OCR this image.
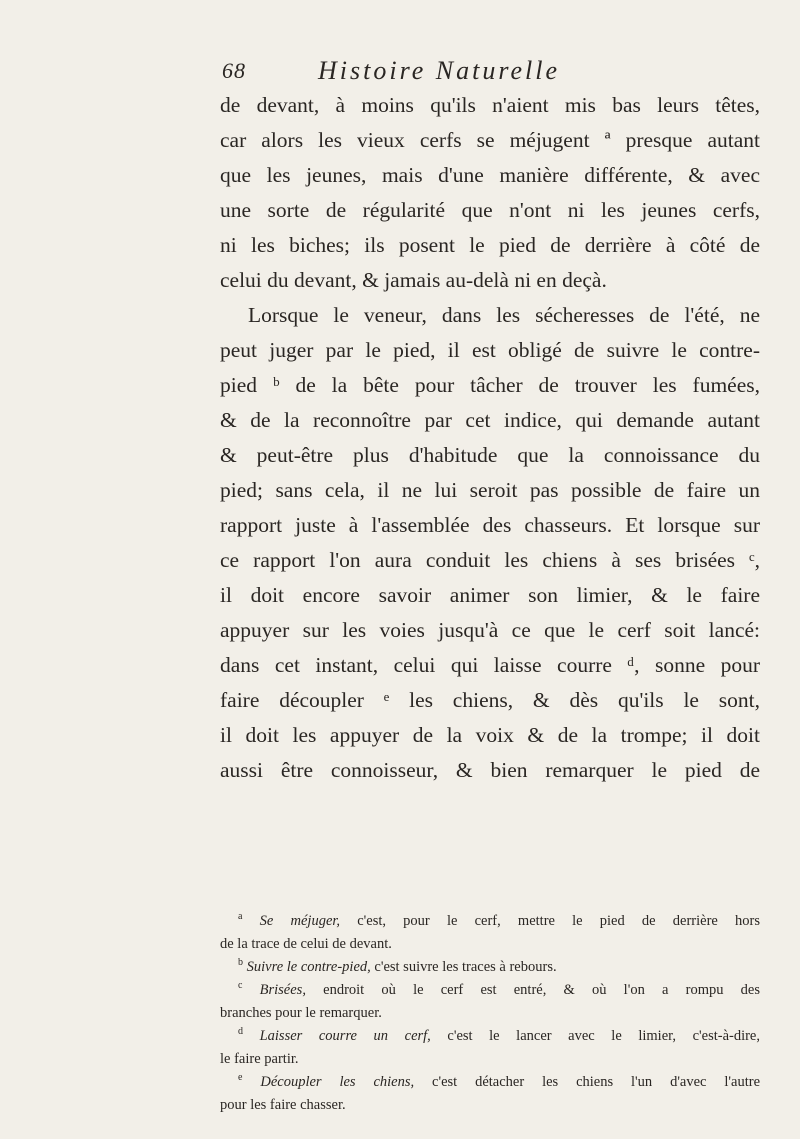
68	Histoire Naturelle
de devant, à moins qu'ils n'aient mis bas leurs têtes,
car alors les vieux cerfs se méjugent ª presque autant
que les jeunes, mais d'une manière différente, & avec
une sorte de régularité que n'ont ni les jeunes cerfs,
ni les biches; ils posent le pied de derrière à côté de
celui du devant, & jamais au-delà ni en deçà.
Lorsque le veneur, dans les sécheresses de l'été, ne
peut juger par le pied, il est obligé de suivre le contre-
pied ᵇ de la bête pour tâcher de trouver les fumées,
& de la reconnoître par cet indice, qui demande autant
& peut-être plus d'habitude que la connoissance du
pied; sans cela, il ne lui seroit pas possible de faire un
rapport juste à l'assemblée des chasseurs. Et lorsque sur
ce rapport l'on aura conduit les chiens à ses brisées ᶜ,
il doit encore savoir animer son limier, & le faire
appuyer sur les voies jusqu'à ce que le cerf soit lancé:
dans cet instant, celui qui laisse courre ᵈ, sonne pour
faire découpler ᵉ les chiens, & dès qu'ils le sont,
il doit les appuyer de la voix & de la trompe; il doit
aussi être connoisseur, & bien remarquer le pied de
$^a$ Se méjuger, c'est, pour le cerf, mettre le pied de derrière hors
de la trace de celui de devant.
$^b$ Suivre le contre-pied, c'est suivre les traces à rebours.
$^c$ Brisées, endroit où le cerf est entré, & où l'on a rompu des
branches pour le remarquer.
$^d$ Laisser courre un cerf, c'est le lancer avec le limier, c'est-à-dire,
le faire partir.
$^e$ Découpler les chiens, c'est détacher les chiens l'un d'avec l'autre
pour les faire chasser.
